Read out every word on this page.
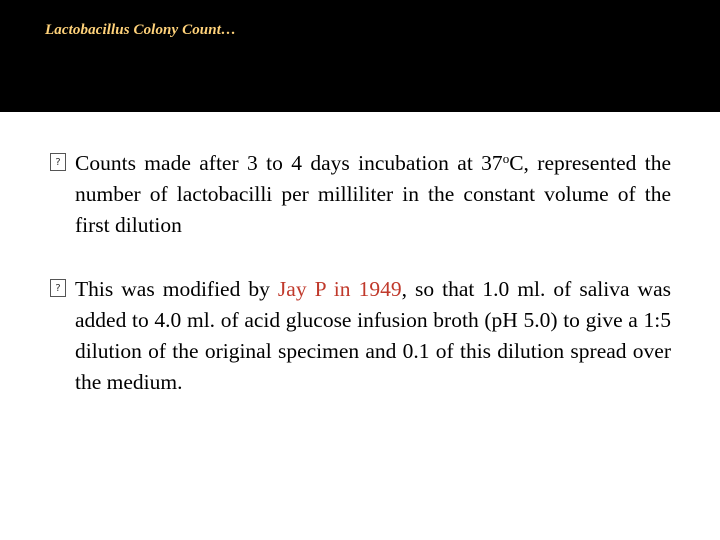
Lactobacillus Colony Count…
? Counts made after 3 to 4 days incubation at 37$^o$C, represented the number of lactobacilli per milliliter in the constant volume of the first dilution
? This was modified by Jay P in 1949, so that 1.0 ml. of saliva was added to 4.0 ml. of acid glucose infusion broth (pH 5.0) to give a 1:5 dilution of the original specimen and 0.1 of this dilution spread over the medium.
